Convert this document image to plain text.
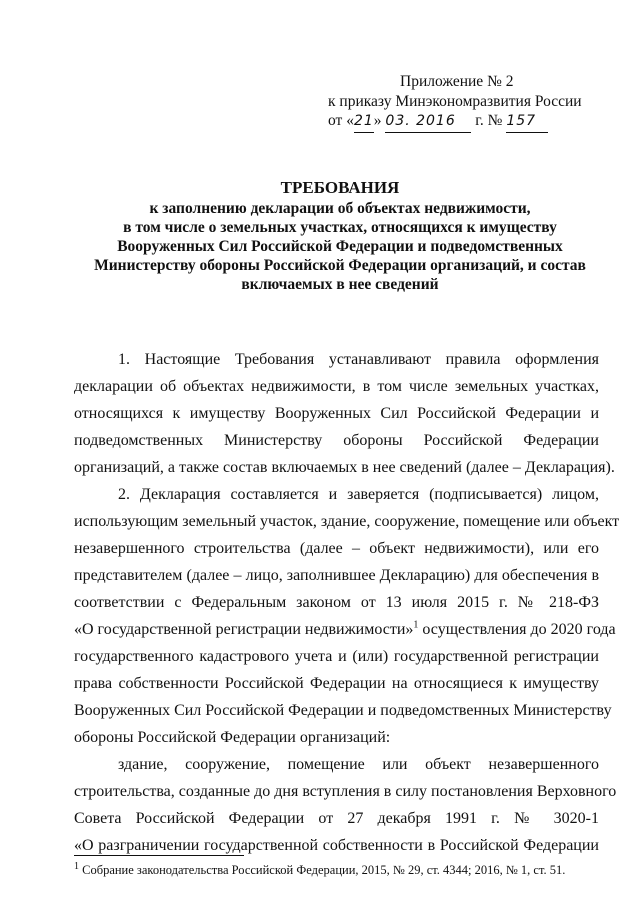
Приложение № 2
к приказу Минэкономразвития России
от «21» 03. 2016 г. № 157
ТРЕБОВАНИЯ
к заполнению декларации об объектах недвижимости,
в том числе о земельных участках, относящихся к имуществу
Вооруженных Сил Российской Федерации и подведомственных
Министерству обороны Российской Федерации организаций, и состав
включаемых в нее сведений
1. Настоящие Требования устанавливают правила оформления
декларации об объектах недвижимости, в том числе земельных участках,
относящихся к имуществу Вооруженных Сил Российской Федерации и
подведомственных Министерству обороны Российской Федерации
организаций, а также состав включаемых в нее сведений (далее – Декларация).
2. Декларация составляется и заверяется (подписывается) лицом,
использующим земельный участок, здание, сооружение, помещение или объект
незавершенного строительства (далее – объект недвижимости), или его
представителем (далее – лицо, заполнившее Декларацию) для обеспечения в
соответствии с Федеральным законом от 13 июля 2015 г. № 218-ФЗ
«О государственной регистрации недвижимости»$^1$ осуществления до 2020 года
государственного кадастрового учета и (или) государственной регистрации
права собственности Российской Федерации на относящиеся к имуществу
Вооруженных Сил Российской Федерации и подведомственных Министерству
обороны Российской Федерации организаций:
здание, сооружение, помещение или объект незавершенного
строительства, созданные до дня вступления в силу постановления Верховного
Совета Российской Федерации от 27 декабря 1991 г. № 3020-1
«О разграничении государственной собственности в Российской Федерации
$^1$ Собрание законодательства Российской Федерации, 2015, № 29, ст. 4344; 2016, № 1, ст. 51.
